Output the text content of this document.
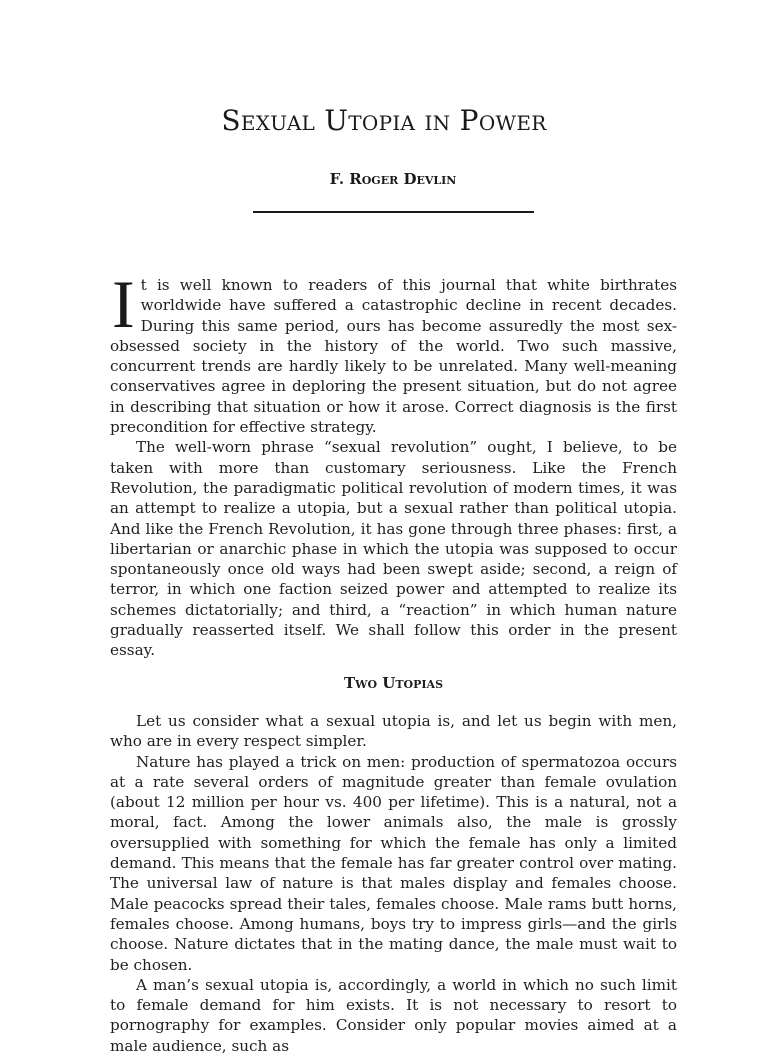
Sexual Utopia in Power
F. Roger Devlin

It is well known to readers of this journal that white birthrates worldwide have suffered a catastrophic decline in recent decades. During this same period, ours has become assuredly the most sex-obsessed society in the history of the world. Two such massive, concurrent trends are hardly likely to be unrelated. Many well-meaning conservatives agree in deploring the present situation, but do not agree in describing that situation or how it arose. Correct diagnosis is the first precondition for effective strategy.

The well-worn phrase “sexual revolution” ought, I believe, to be taken with more than customary seriousness. Like the French Revolution, the paradigmatic political revolution of modern times, it was an attempt to realize a utopia, but a sexual rather than political utopia. And like the French Revolution, it has gone through three phases: first, a libertarian or anarchic phase in which the utopia was supposed to occur spontaneously once old ways had been swept aside; second, a reign of terror, in which one faction seized power and attempted to realize its schemes dictatorially; and third, a “reaction” in which human nature gradually reasserted itself. We shall follow this order in the present essay.

Two Utopias

Let us consider what a sexual utopia is, and let us begin with men, who are in every respect simpler.

Nature has played a trick on men: production of spermatozoa occurs at a rate several orders of magnitude greater than female ovulation (about 12 million per hour vs. 400 per lifetime). This is a natural, not a moral, fact. Among the lower animals also, the male is grossly oversupplied with something for which the female has only a limited demand. This means that the female has far greater control over mating. The universal law of nature is that males display and females choose. Male peacocks spread their tales, females choose. Male rams butt horns, females choose. Among humans, boys try to impress girls—and the girls choose. Nature dictates that in the mating dance, the male must wait to be chosen.

A man’s sexual utopia is, accordingly, a world in which no such limit to female demand for him exists. It is not necessary to resort to pornography for examples. Consider only popular movies aimed at a male audience, such as
